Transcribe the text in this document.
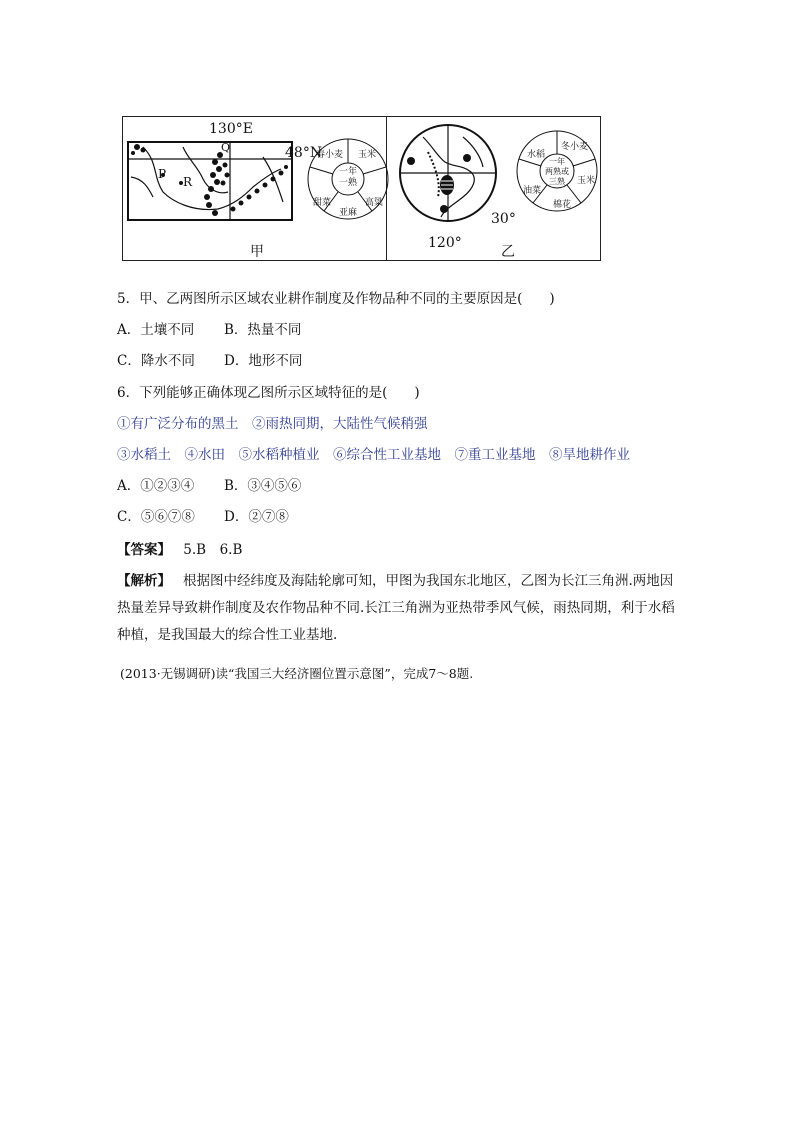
130°E
48°N
P
R
Q
甲
一年
一熟
春小麦 玉米
高粱
亚麻
甜菜
120°
30°
乙
一年
两熟或
三熟
冬小麦
玉米
棉花
油菜
水稻
5．甲、乙两图所示区域农业耕作制度及作物品种不同的主要原因是(　　)
A．土壤不同 B．热量不同
C．降水不同 D．地形不同
6．下列能够正确体现乙图所示区域特征的是(　　)
①有广泛分布的黑土　②雨热同期，大陆性气候稍强
③水稻土　④水田　⑤水稻种植业　⑥综合性工业基地　⑦重工业基地　⑧旱地耕作业
A．①②③④ B．③④⑤⑥
C．⑤⑥⑦⑧ D．②⑦⑧
【答案】 5.B　6.B
【解析】 根据图中经纬度及海陆轮廓可知，甲图为我国东北地区，乙图为长江三角洲.两地因热量差异导致耕作制度及农作物品种不同.长江三角洲为亚热带季风气候，雨热同期，利于水稻种植，是我国最大的综合性工业基地.
(2013·无锡调研)读“我国三大经济圈位置示意图”，完成7～8题.
